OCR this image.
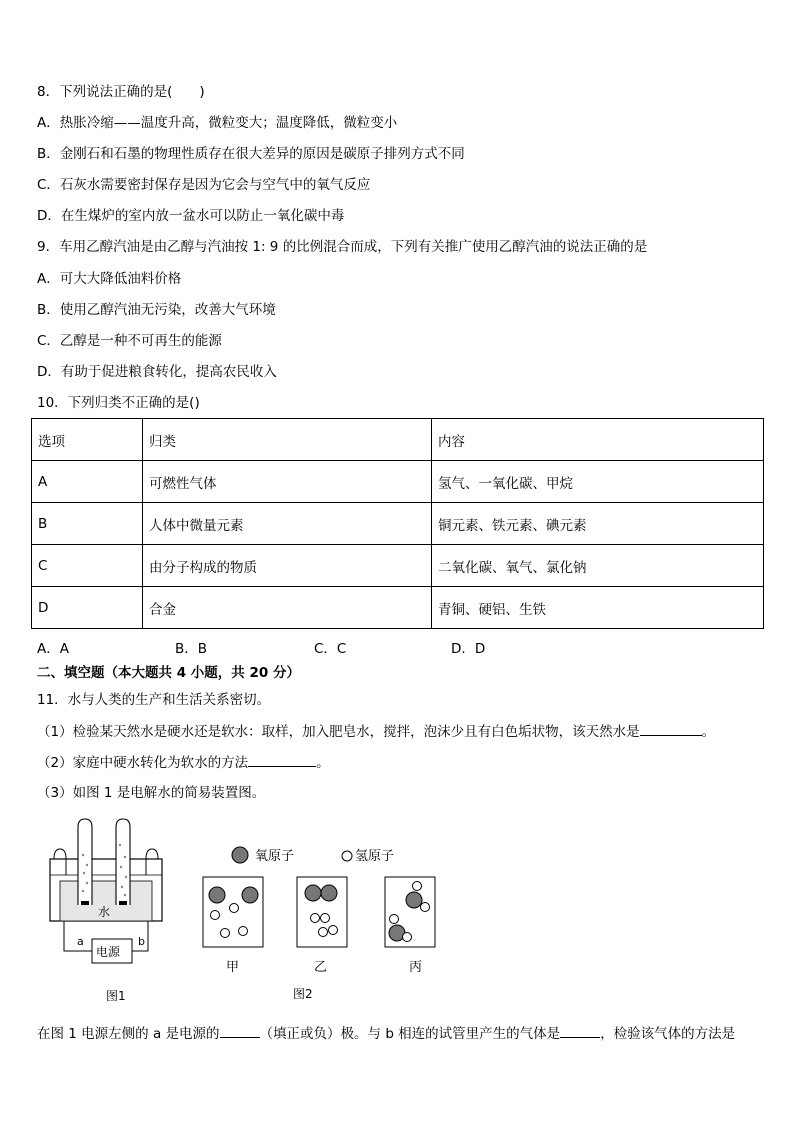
8．下列说法正确的是(　　)
A．热胀冷缩——温度升高，微粒变大；温度降低，微粒变小
B．金刚石和石墨的物理性质存在很大差异的原因是碳原子排列方式不同
C．石灰水需要密封保存是因为它会与空气中的氧气反应
D．在生煤炉的室内放一盆水可以防止一氧化碳中毒
9．车用乙醇汽油是由乙醇与汽油按 1: 9 的比例混合而成，下列有关推广使用乙醇汽油的说法正确的是
A．可大大降低油料价格
B．使用乙醇汽油无污染，改善大气环境
C．乙醇是一种不可再生的能源
D．有助于促进粮食转化，提高农民收入
10．下列归类不正确的是()
选项	归类	内容
A	可燃性气体	氢气、一氧化碳、甲烷
B	人体中微量元素	铜元素、铁元素、碘元素
C	由分子构成的物质	二氧化碳、氧气、氯化钠
D	合金	青铜、硬铝、生铁
A．A	B．B	C．C	D．D
二、填空题（本大题共 4 小题，共 20 分）
11．水与人类的生产和生活关系密切。
（1）检验某天然水是硬水还是软水：取样，加入肥皂水，搅拌，泡沫少且有白色垢状物，该天然水是	。
（2）家庭中硬水转化为软水的方法	。
（3）如图 1 是电解水的简易装置图。
水
a	b
电源
图1
氧原子	氢原子
甲	乙	丙
图2
在图 1 电源左侧的 a 是电源的	（填正或负）极。与 b 相连的试管里产生的气体是	，检验该气体的方法是
